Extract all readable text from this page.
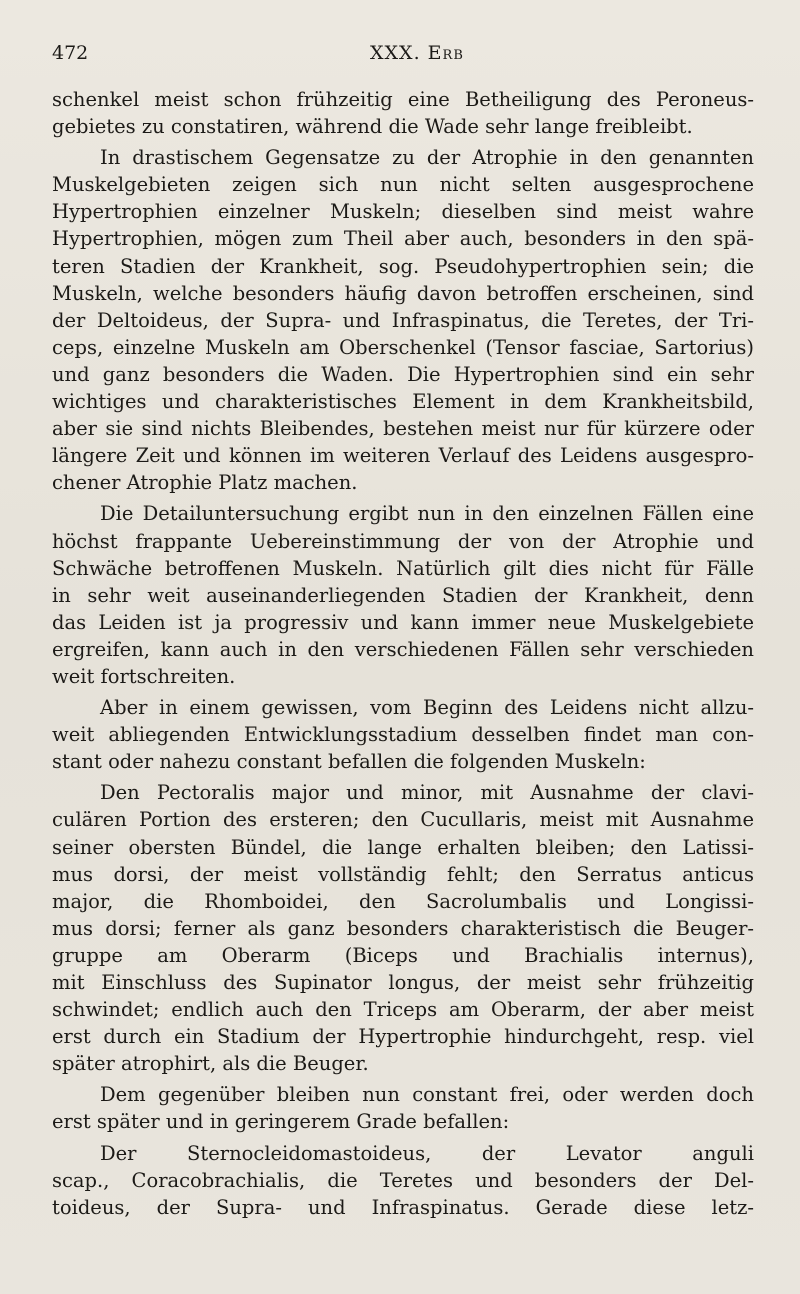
472	XXX. Erb
schenkel meist schon frühzeitig eine Betheiligung des Peroneus-
gebietes zu constatiren, während die Wade sehr lange freibleibt.
In drastischem Gegensatze zu der Atrophie in den genannten
Muskelgebieten zeigen sich nun nicht selten ausgesprochene
Hypertrophien einzelner Muskeln; dieselben sind meist wahre
Hypertrophien, mögen zum Theil aber auch, besonders in den spä-
teren Stadien der Krankheit, sog. Pseudohypertrophien sein; die
Muskeln, welche besonders häufig davon betroffen erscheinen, sind
der Deltoideus, der Supra- und Infraspinatus, die Teretes, der Tri-
ceps, einzelne Muskeln am Oberschenkel (Tensor fasciae, Sartorius)
und ganz besonders die Waden. Die Hypertrophien sind ein sehr
wichtiges und charakteristisches Element in dem Krankheitsbild,
aber sie sind nichts Bleibendes, bestehen meist nur für kürzere oder
längere Zeit und können im weiteren Verlauf des Leidens ausgespro-
chener Atrophie Platz machen.
Die Detailuntersuchung ergibt nun in den einzelnen Fällen eine
höchst frappante Uebereinstimmung der von der Atrophie und
Schwäche betroffenen Muskeln. Natürlich gilt dies nicht für Fälle
in sehr weit auseinanderliegenden Stadien der Krankheit, denn
das Leiden ist ja progressiv und kann immer neue Muskelgebiete
ergreifen, kann auch in den verschiedenen Fällen sehr verschieden
weit fortschreiten.
Aber in einem gewissen, vom Beginn des Leidens nicht allzu-
weit abliegenden Entwicklungsstadium desselben findet man con-
stant oder nahezu constant befallen die folgenden Muskeln:
Den Pectoralis major und minor, mit Ausnahme der clavi-
culären Portion des ersteren; den Cucullaris, meist mit Ausnahme
seiner obersten Bündel, die lange erhalten bleiben; den Latissi-
mus dorsi, der meist vollständig fehlt; den Serratus anticus
major, die Rhomboidei, den Sacrolumbalis und Longissi-
mus dorsi; ferner als ganz besonders charakteristisch die Beuger-
gruppe am Oberarm (Biceps und Brachialis internus),
mit Einschluss des Supinator longus, der meist sehr frühzeitig
schwindet; endlich auch den Triceps am Oberarm, der aber meist
erst durch ein Stadium der Hypertrophie hindurchgeht, resp. viel
später atrophirt, als die Beuger.
Dem gegenüber bleiben nun constant frei, oder werden doch
erst später und in geringerem Grade befallen:
Der Sternocleidomastoideus, der Levator anguli
scap., Coracobrachialis, die Teretes und besonders der Del-
toideus, der Supra- und Infraspinatus. Gerade diese letz-
